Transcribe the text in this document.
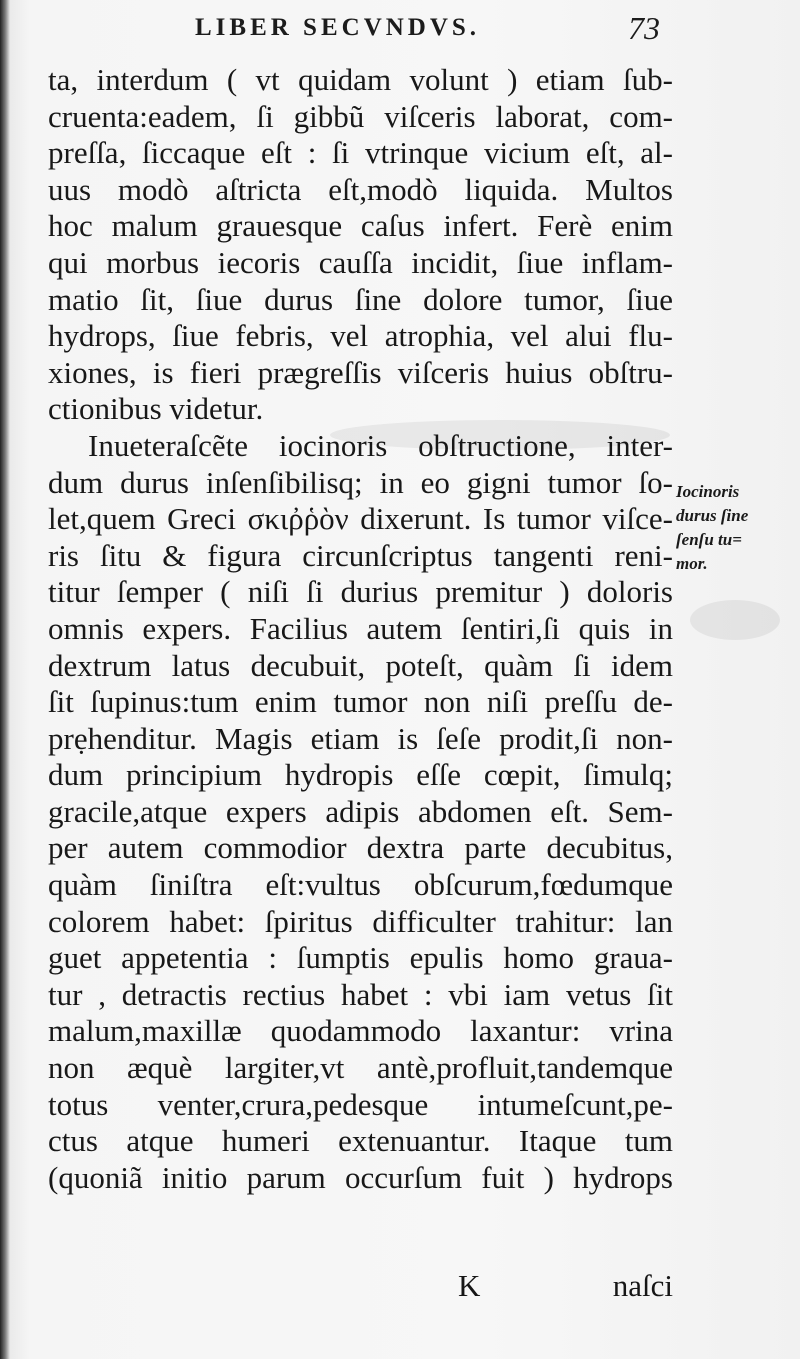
LIBER SECVNDVS.	73
ta, interdum ( vt quidam volunt ) etiam ſub-
cruenta:eadem, ſi gibbũ viſceris laborat, com-
preſſa, ſiccaque eſt : ſi vtrinque vicium eſt, al-
uus modò aſtricta eſt,modò liquida. Multos
hoc malum grauesque caſus infert. Ferè enim
qui morbus iecoris cauſſa incidit, ſiue inflam-
matio ſit, ſiue durus ſine dolore tumor, ſiue
hydrops, ſiue febris, vel atrophia, vel alui flu-
xiones, is fieri prægreſſis viſceris huius obſtru-
ctionibus videtur.
Inueteraſcẽte iocinoris obſtructione, inter-
dum durus inſenſibilisq; in eo gigni tumor ſo-
let,quem Greci σκιῤῥὸν dixerunt. Is tumor viſce-
ris ſitu & figura circunſcriptus tangenti reni-
titur ſemper ( niſi ſi durius premitur ) doloris
omnis expers. Facilius autem ſentiri,ſi quis in
dextrum latus decubuit, poteſt, quàm ſi idem
ſit ſupinus:tum enim tumor non niſi preſſu de-
prẹhenditur. Magis etiam is ſeſe prodit,ſi non-
dum principium hydropis eſſe cœpit, ſimulq;
gracile,atque expers adipis abdomen eſt. Sem-
per autem commodior dextra parte decubitus,
quàm ſiniſtra eſt:vultus obſcurum,fœdumque
colorem habet: ſpiritus difficulter trahitur: lan
guet appetentia : ſumptis epulis homo grauа-
tur , detractis rectius habet : vbi iam vetus ſit
malum,maxillæ quodammodo laxantur: vrina
non æquè largiter,vt antè,profluit,tandemque
totus venter,crura,pedesque intumeſcunt,pe-
ctus atque humeri extenuantur. Itaque tum
(quoniã initio parum occurſum fuit ) hydrops
Iocinoris
durus ſine
ſenſu tu=
mor.
K	naſci
